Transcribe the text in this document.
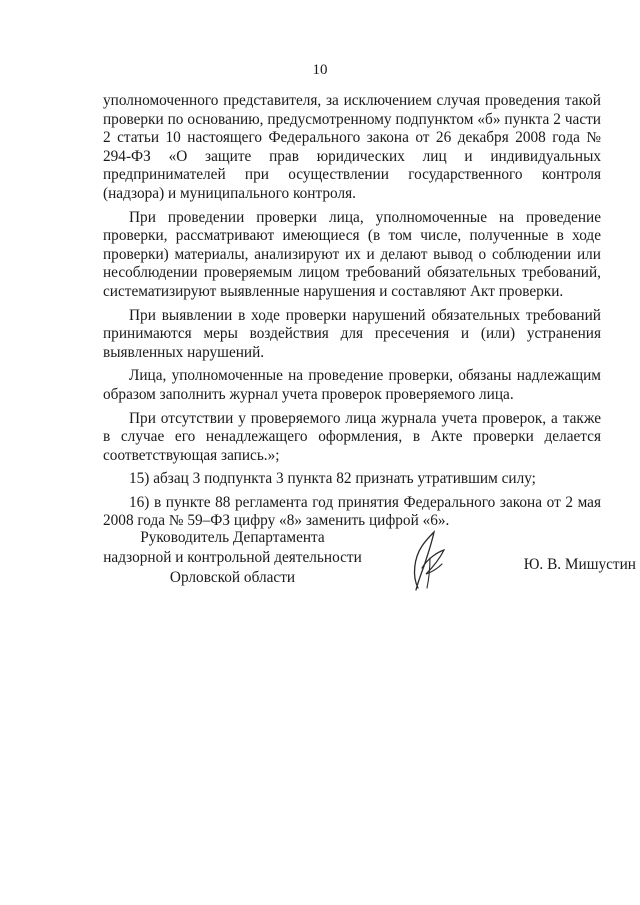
10

уполномоченного представителя, за исключением случая проведения такой проверки по основанию, предусмотренному подпунктом «б» пункта 2 части 2 статьи 10 настоящего Федерального закона от 26 декабря 2008 года № 294-ФЗ «О защите прав юридических лиц и индивидуальных предпринимателей при осуществлении государственного контроля (надзора) и муниципального контроля.

При проведении проверки лица, уполномоченные на проведение проверки, рассматривают имеющиеся (в том числе, полученные в ходе проверки) материалы, анализируют их и делают вывод о соблюдении или несоблюдении проверяемым лицом требований обязательных требований, систематизируют выявленные нарушения и составляют Акт проверки.

При выявлении в ходе проверки нарушений обязательных требований принимаются меры воздействия для пресечения и (или) устранения выявленных нарушений.

Лица, уполномоченные на проведение проверки, обязаны надлежащим образом заполнить журнал учета проверок проверяемого лица.

При отсутствии у проверяемого лица журнала учета проверок, а также в случае его ненадлежащего оформления, в Акте проверки делается соответствующая запись.»;

15) абзац 3 подпункта 3 пункта 82 признать утратившим силу;

16) в пункте 88 регламента год принятия Федерального закона от 2 мая 2008 года № 59–ФЗ цифру «8» заменить цифрой «6».

Руководитель Департамента
надзорной и контрольной деятельности
Орловской области
Ю. В. Мишустин
